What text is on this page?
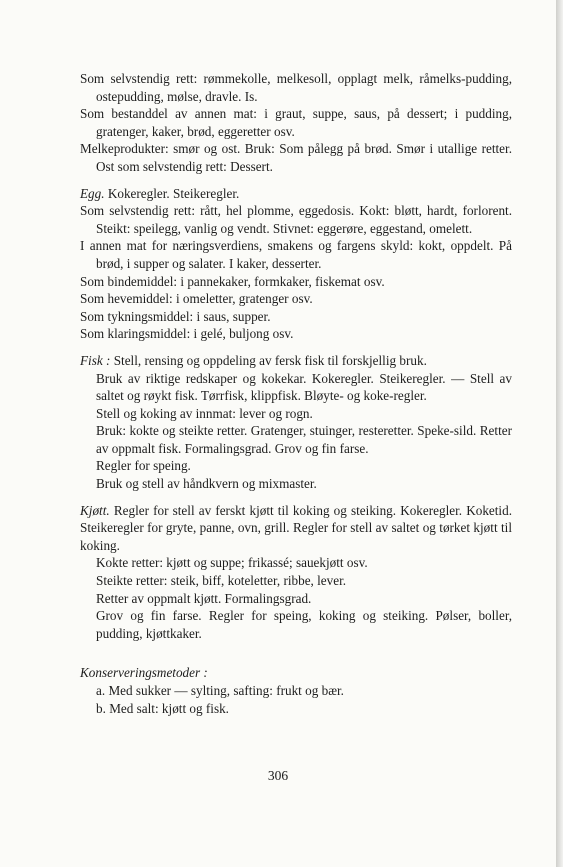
Som selvstendig rett: rømmekolle, melkesoll, opplagt melk, råmelks-pudding, ostepudding, mølse, dravle. Is.

Som bestanddel av annen mat: i graut, suppe, saus, på dessert; i pudding, gratenger, kaker, brød, eggeretter osv.

Melkeprodukter: smør og ost. Bruk: Som pålegg på brød. Smør i utallige retter. Ost som selvstendig rett: Dessert.

Egg. Kokeregler. Steikeregler.

Som selvstendig rett: rått, hel plomme, eggedosis. Kokt: bløtt, hardt, forlorent. Steikt: speilegg, vanlig og vendt. Stivnet: eggerøre, eggestand, omelett.

I annen mat for næringsverdiens, smakens og fargens skyld: kokt, oppdelt. På brød, i supper og salater. I kaker, desserter.

Som bindemiddel: i pannekaker, formkaker, fiskemat osv.

Som hevemiddel: i omeletter, gratenger osv.

Som tykningsmiddel: i saus, supper.

Som klaringsmiddel: i gelé, buljong osv.

Fisk : Stell, rensing og oppdeling av fersk fisk til forskjellig bruk.

Bruk av riktige redskaper og kokekar. Kokeregler. Steikeregler. — Stell av saltet og røykt fisk. Tørrfisk, klippfisk. Bløyte- og koke-regler.

Stell og koking av innmat: lever og rogn.

Bruk: kokte og steikte retter. Gratenger, stuinger, resteretter. Speke-sild. Retter av oppmalt fisk. Formalingsgrad. Grov og fin farse.

Regler for speing.

Bruk og stell av håndkvern og mixmaster.

Kjøtt. Regler for stell av ferskt kjøtt til koking og steiking. Kokeregler. Koketid. Steikeregler for gryte, panne, ovn, grill. Regler for stell av saltet og tørket kjøtt til koking.

Kokte retter: kjøtt og suppe; frikassé; sauekjøtt osv.

Steikte retter: steik, biff, koteletter, ribbe, lever.

Retter av oppmalt kjøtt. Formalingsgrad.

Grov og fin farse. Regler for speing, koking og steiking. Pølser, boller, pudding, kjøttkaker.

Konserveringsmetoder :

a. Med sukker — sylting, safting: frukt og bær.

b. Med salt: kjøtt og fisk.

306
